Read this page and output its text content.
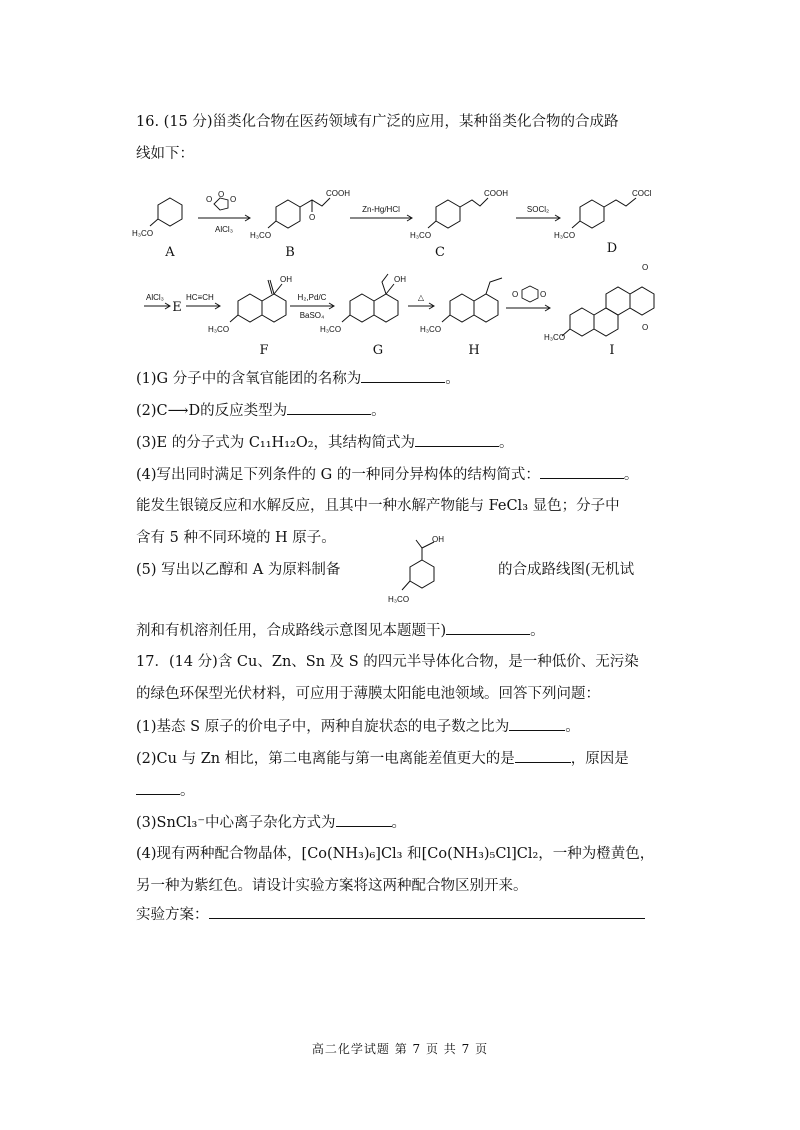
16. (15 分)甾类化合物在医药领域有广泛的应用，某种甾类化合物的合成路
线如下：
H₃CO
A
O O
O
AlCl₃
H₃CO
O
COOH
B
Zn-Hg/HCl
H₃CO
COOH
C
SOCl₂
H₃CO
COCl
D
AlCl₃
E
HC≡CH
H₃CO
OH
F
H₂,Pd/C
BaSO₄
H₃CO
OH
G
△
H₃CO
H
O	O
H₃CO
O
O
I
(1)G 分子中的含氧官能团的名称为	。
(2)C⟶D的反应类型为	。
(3)E 的分子式为 C₁₁H₁₂O₂，其结构简式为	。
(4)写出同时满足下列条件的 G 的一种同分异构体的结构简式：	。
能发生银镜反应和水解反应，且其中一种水解产物能与 FeCl₃ 显色；分子中
含有 5 种不同环境的 H 原子。
(5) 写出以乙醇和 A 为原料制备
OH
H₃CO
的合成路线图(无机试
剂和有机溶剂任用，合成路线示意图见本题题干)	。
17．(14 分)含 Cu、Zn、Sn 及 S 的四元半导体化合物，是一种低价、无污染
的绿色环保型光伏材料，可应用于薄膜太阳能电池领域。回答下列问题：
(1)基态 S 原子的价电子中，两种自旋状态的电子数之比为	。
(2)Cu 与 Zn 相比，第二电离能与第一电离能差值更大的是	，原因是
。
(3)SnCl₃⁻中心离子杂化方式为	。
(4)现有两种配合物晶体，[Co(NH₃)₆]Cl₃ 和[Co(NH₃)₅Cl]Cl₂，一种为橙黄色，
另一种为紫红色。请设计实验方案将这两种配合物区别开来。
实验方案：
高二化学试题 第 7 页 共 7 页
